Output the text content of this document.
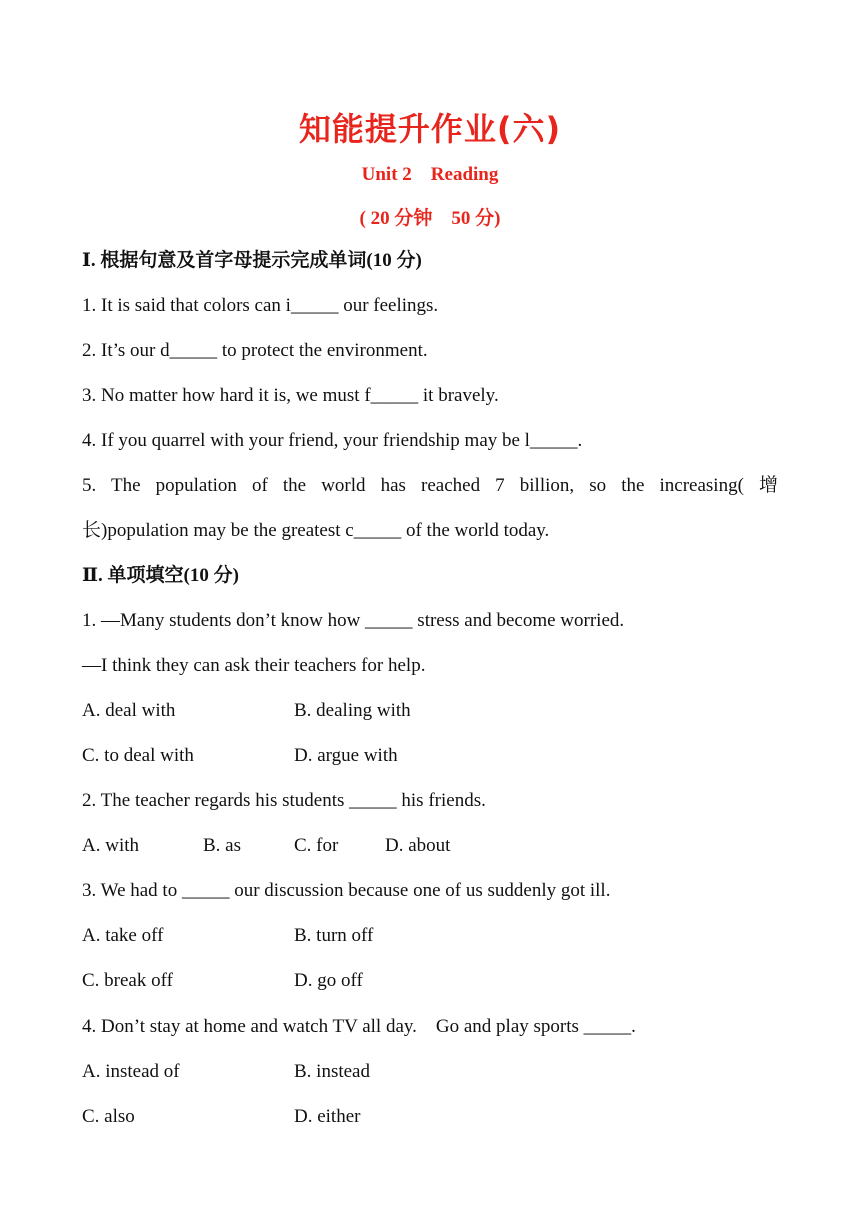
知能提升作业(六)
Unit 2　Reading
( 20 分钟　50 分)
Ⅰ. 根据句意及首字母提示完成单词(10 分)
1. It is said that colors can i_____ our feelings.
2. It’s our d_____ to protect the environment.
3. No matter how hard it is, we must f_____ it bravely.
4. If you quarrel with your friend, your friendship may be l_____.
5. The population of the world has reached 7 billion, so the increasing( 增
长)population may be the greatest c_____ of the world today.
Ⅱ. 单项填空(10 分)
1. —Many students don’t know how _____ stress and become worried.
—I think they can ask their teachers for help.
A. deal with	B. dealing with
C. to deal with	D. argue with
2. The teacher regards his students _____ his friends.
A. with	B. as	C. for D. about
3. We had to _____ our discussion because one of us suddenly got ill.
A. take off	B. turn off
C. break off	D. go off
4. Don’t stay at home and watch TV all day.　Go and play sports _____.
A. instead of	B. instead
C. also	D. either
